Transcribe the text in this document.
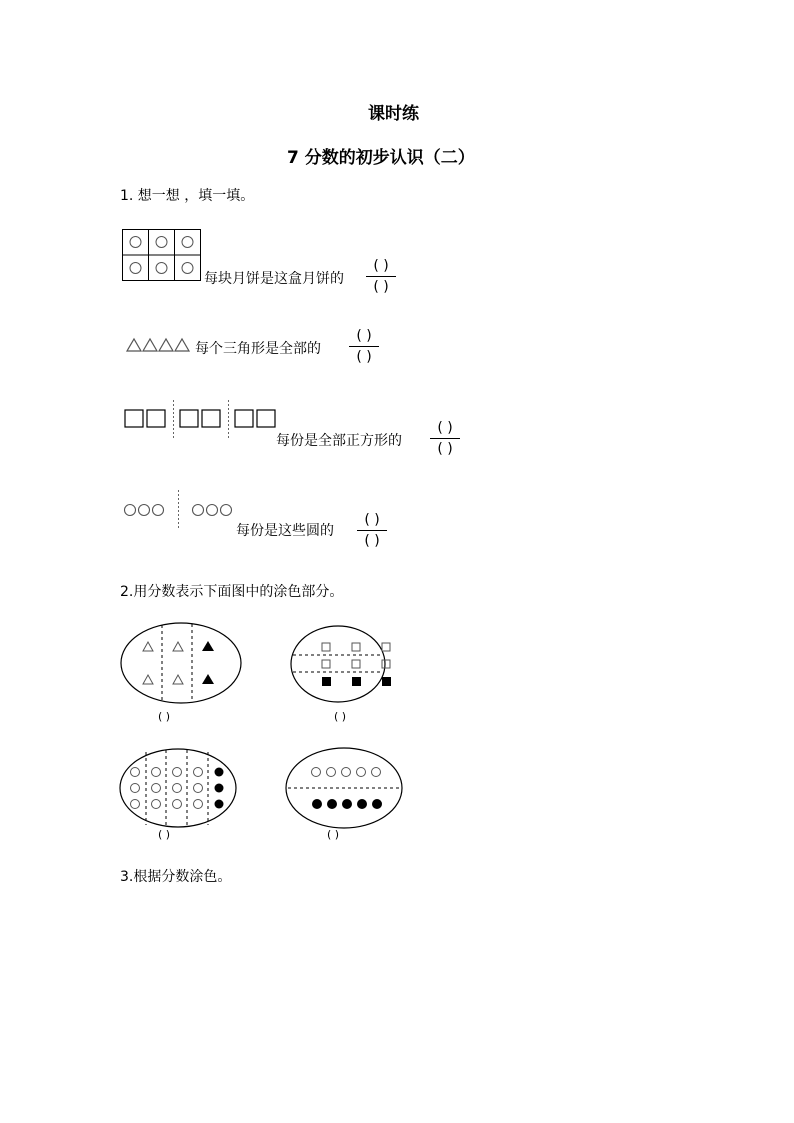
课时练
7 分数的初步认识（二）
1. 想一想 ，填一填。
每块月饼是这盒月饼的
( )
( )
每个三角形是全部的
( )
( )
每份是全部正方形的
( )
( )
每份是这些圆的
( )
( )
2.用分数表示下面图中的涂色部分。
( )	( )
( )	( )
3.根据分数涂色。
